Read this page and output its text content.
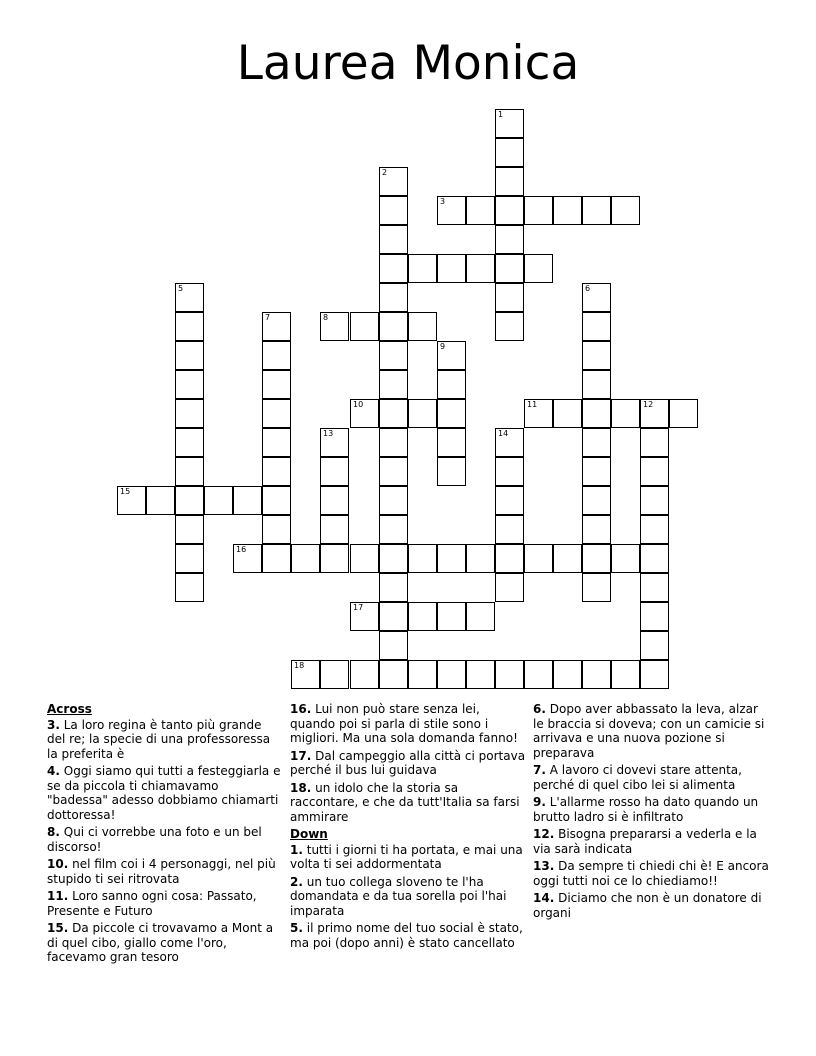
Laurea Monica
1
2
3
5	6
7	8
9
10	11	12
13	14
15
16
17
18
Across
3. La loro regina è tanto più grande del re; la specie di una professoressa la preferita è
4. Oggi siamo qui tutti a festeggiarla e se da piccola ti chiamavamo "badessa" adesso dobbiamo chiamarti dottoressa!
8. Qui ci vorrebbe una foto e un bel discorso!
10. nel film coi i 4 personaggi, nel più stupido ti sei ritrovata
11. Loro sanno ogni cosa: Passato, Presente e Futuro
15. Da piccole ci trovavamo a Mont a di quel cibo, giallo come l'oro, facevamo gran tesoro
16. Lui non può stare senza lei, quando poi si parla di stile sono i migliori. Ma una sola domanda fanno!
17. Dal campeggio alla città ci portava perché il bus lui guidava
18. un idolo che la storia sa raccontare, e che da tutt'Italia sa farsi ammirare
Down
1. tutti i giorni ti ha portata, e mai una volta ti sei addormentata
2. un tuo collega sloveno te l'ha domandata e da tua sorella poi l'hai imparata
5. il primo nome del tuo social è stato, ma poi (dopo anni) è stato cancellato
6. Dopo aver abbassato la leva, alzar le braccia si doveva; con un camicie si arrivava e una nuova pozione si preparava
7. A lavoro ci dovevi stare attenta, perché di quel cibo lei si alimenta
9. L'allarme rosso ha dato quando un brutto ladro si è infiltrato
12. Bisogna prepararsi a vederla e la via sarà indicata
13. Da sempre ti chiedi chi è! E ancora oggi tutti noi ce lo chiediamo!!
14. Diciamo che non è un donatore di organi
